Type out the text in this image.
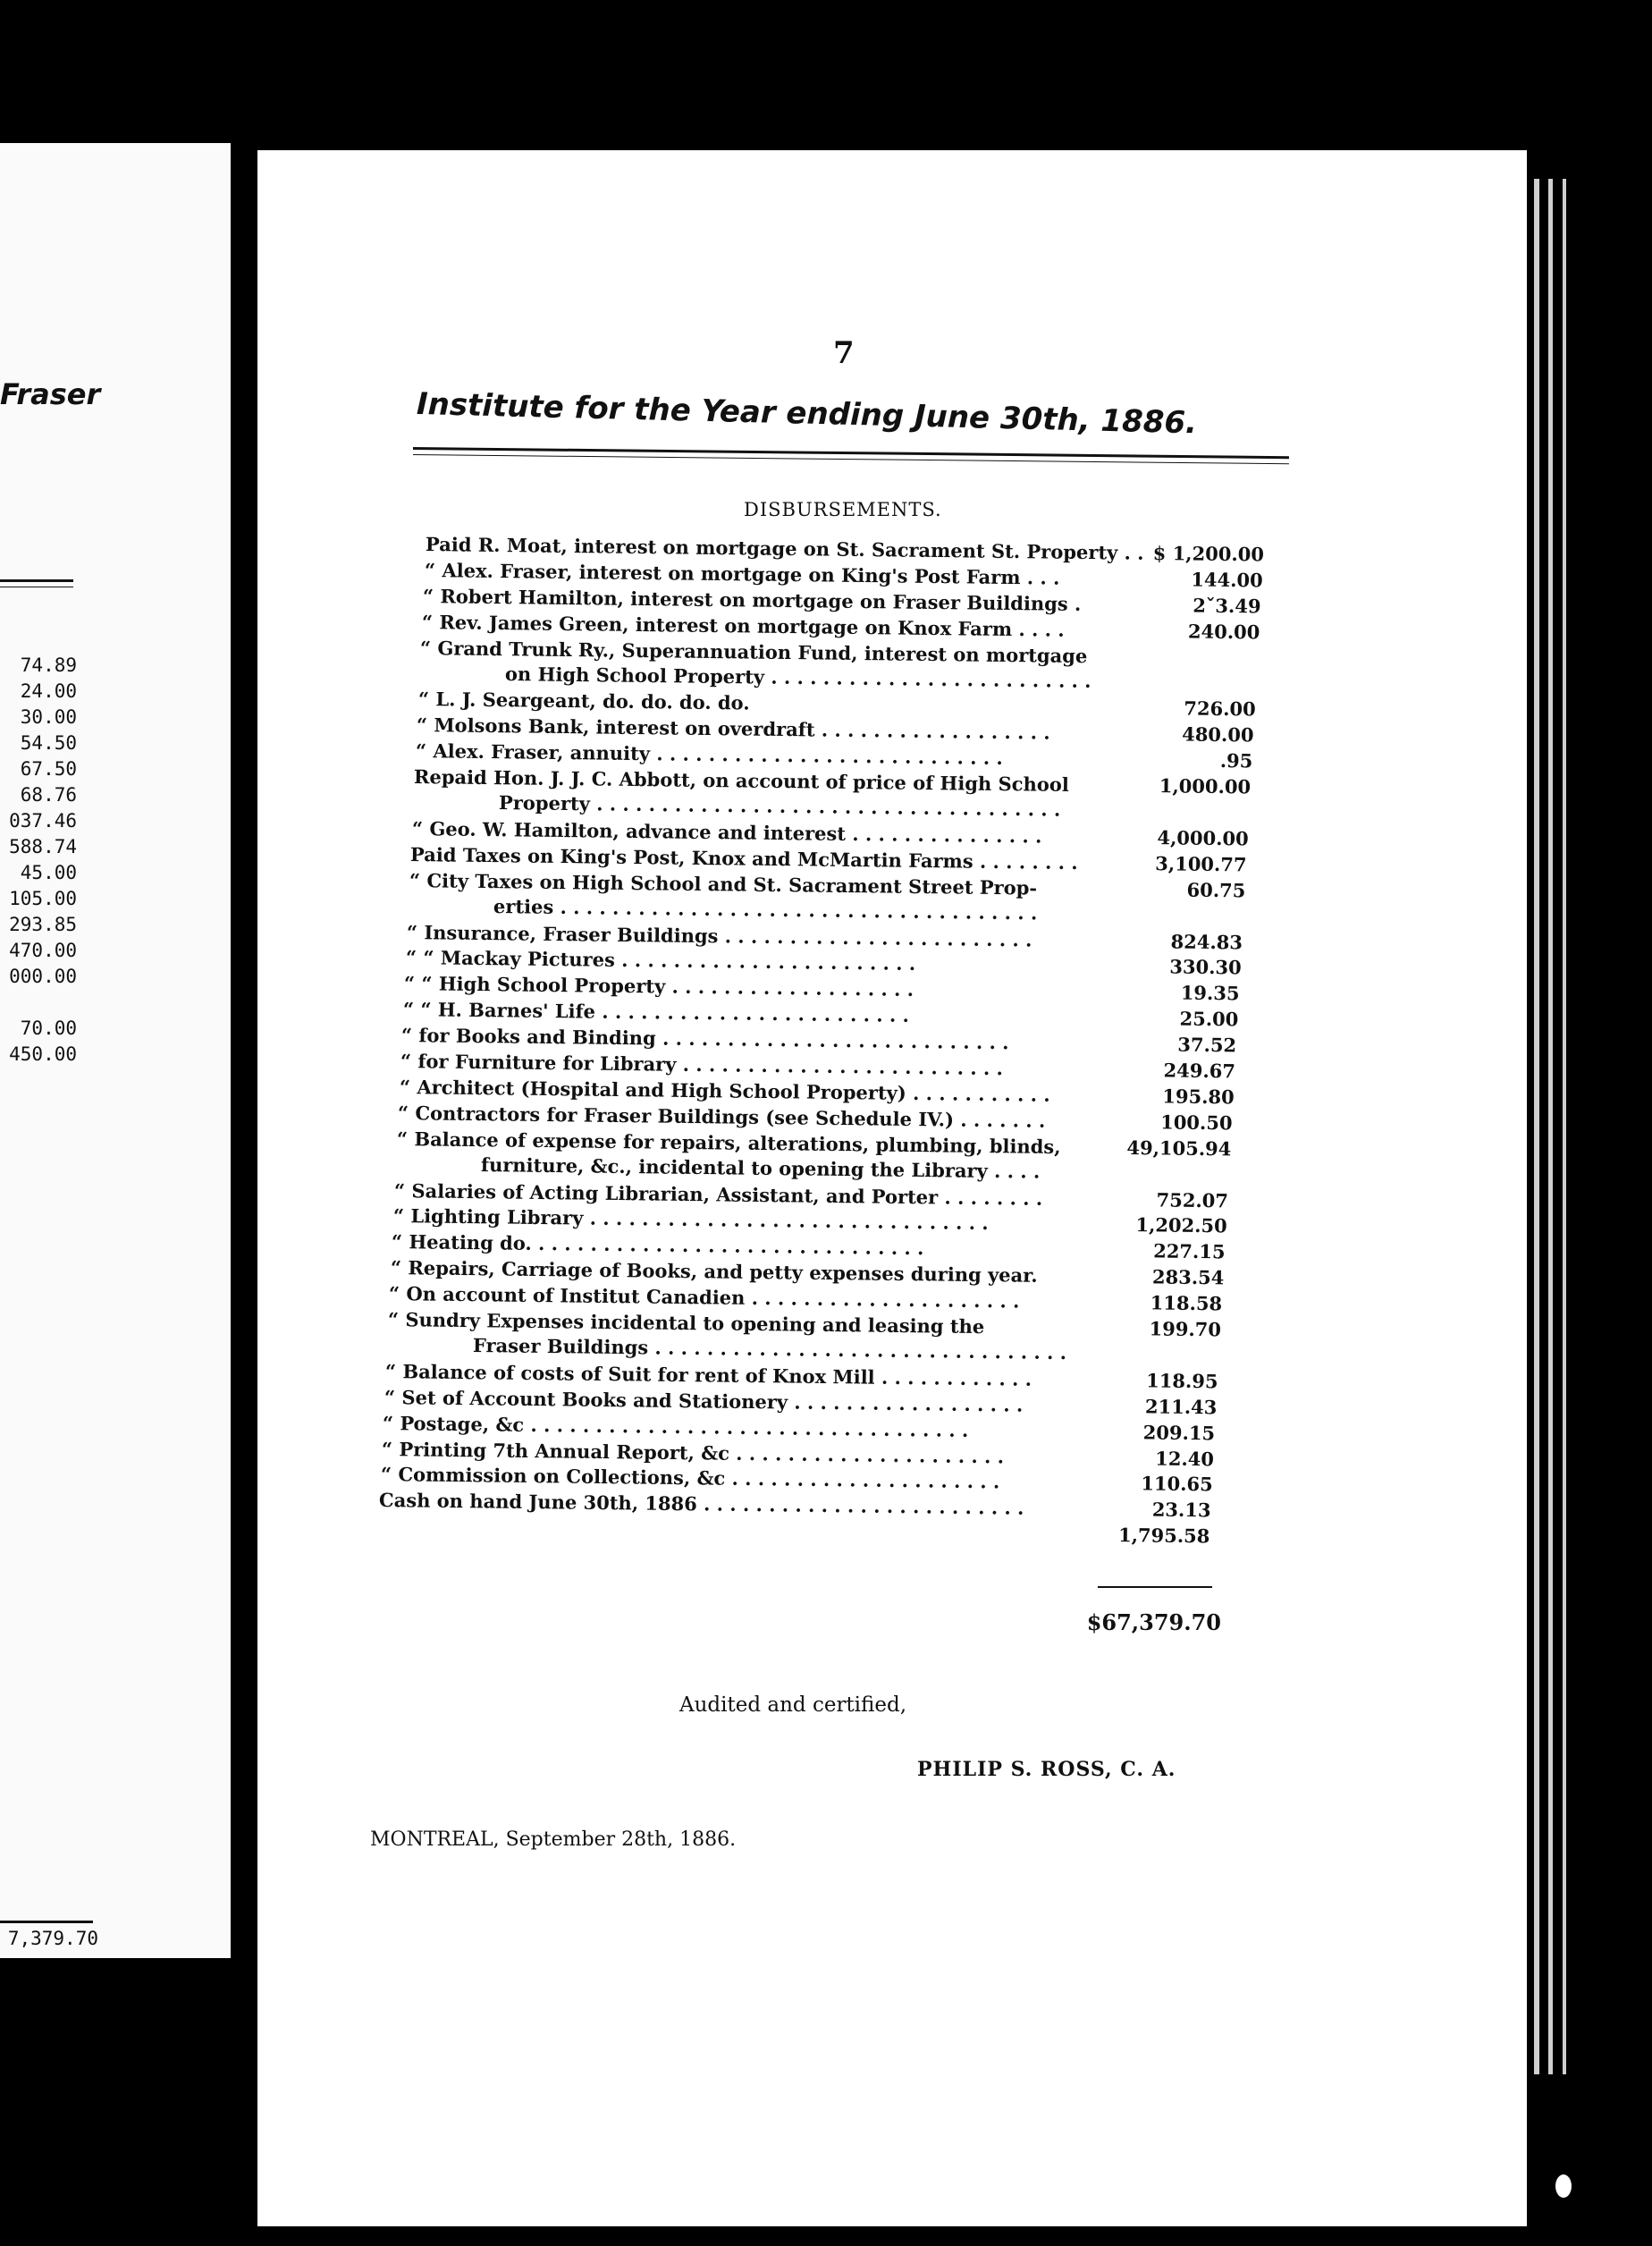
Fraser
74.89
24.00
30.00
54.50
67.50
68.76
037.46
588.74
45.00
105.00
293.85
470.00
000.00
70.00
450.00
7,379.70
7
Institute for the Year ending June 30th, 1886.
DISBURSEMENTS.
Paid R. Moat, interest on mortgage on St. Sacrament St. Property . . $ 1,200.00
“ Alex. Fraser, interest on mortgage on King's Post Farm . . .	144.00
“ Robert Hamilton, interest on mortgage on Fraser Buildings .	2ˇ3.49
“ Rev. James Green, interest on mortgage on Knox Farm . . . .	240.00
“ Grand Trunk Ry., Superannuation Fund, interest on mortgage
on High School Property . . . . . . . . . . . . . . . . . . . . . . . . .
“ L. J. Seargeant, do. do. do. do.	726.00
“ Molsons Bank, interest on overdraft . . . . . . . . . . . . . . . . . .	480.00
“ Alex. Fraser, annuity . . . . . . . . . . . . . . . . . . . . . . . . . . .	.95
Repaid Hon. J. J. C. Abbott, on account of price of High School	1,000.00
Property . . . . . . . . . . . . . . . . . . . . . . . . . . . . . . . . . . . .
“ Geo. W. Hamilton, advance and interest . . . . . . . . . . . . . . .	4,000.00
Paid Taxes on King's Post, Knox and McMartin Farms . . . . . . . .	3,100.77
“ City Taxes on High School and St. Sacrament Street Prop-	60.75
erties . . . . . . . . . . . . . . . . . . . . . . . . . . . . . . . . . . . . .
“ Insurance, Fraser Buildings . . . . . . . . . . . . . . . . . . . . . . . .	824.83
“ “ Mackay Pictures . . . . . . . . . . . . . . . . . . . . . . .	330.30
“ “ High School Property . . . . . . . . . . . . . . . . . . .	19.35
“ “ H. Barnes' Life . . . . . . . . . . . . . . . . . . . . . . . .	25.00
“ for Books and Binding . . . . . . . . . . . . . . . . . . . . . . . . . . .	37.52
“ for Furniture for Library . . . . . . . . . . . . . . . . . . . . . . . . .	249.67
“ Architect (Hospital and High School Property) . . . . . . . . . . .	195.80
“ Contractors for Fraser Buildings (see Schedule IV.) . . . . . . .	100.50
“ Balance of expense for repairs, alterations, plumbing, blinds,	49,105.94
furniture, &c., incidental to opening the Library . . . .
“ Salaries of Acting Librarian, Assistant, and Porter . . . . . . . .	752.07
“ Lighting Library . . . . . . . . . . . . . . . . . . . . . . . . . . . . . . .	1,202.50
“ Heating do. . . . . . . . . . . . . . . . . . . . . . . . . . . . . . .	227.15
“ Repairs, Carriage of Books, and petty expenses during year.	283.54
“ On account of Institut Canadien . . . . . . . . . . . . . . . . . . . . .	118.58
“ Sundry Expenses incidental to opening and leasing the	199.70
Fraser Buildings . . . . . . . . . . . . . . . . . . . . . . . . . . . . . . . .
“ Balance of costs of Suit for rent of Knox Mill . . . . . . . . . . . .	118.95
“ Set of Account Books and Stationery . . . . . . . . . . . . . . . . . .	211.43
“ Postage, &c . . . . . . . . . . . . . . . . . . . . . . . . . . . . . . . . . .	209.15
“ Printing 7th Annual Report, &c . . . . . . . . . . . . . . . . . . . . .	12.40
“ Commission on Collections, &c . . . . . . . . . . . . . . . . . . . . .	110.65
Cash on hand June 30th, 1886 . . . . . . . . . . . . . . . . . . . . . . . . .	23.13
1,795.58
$67,379.70
Audited and certified,
PHILIP S. ROSS, C. A.
MONTREAL, September 28th, 1886.
